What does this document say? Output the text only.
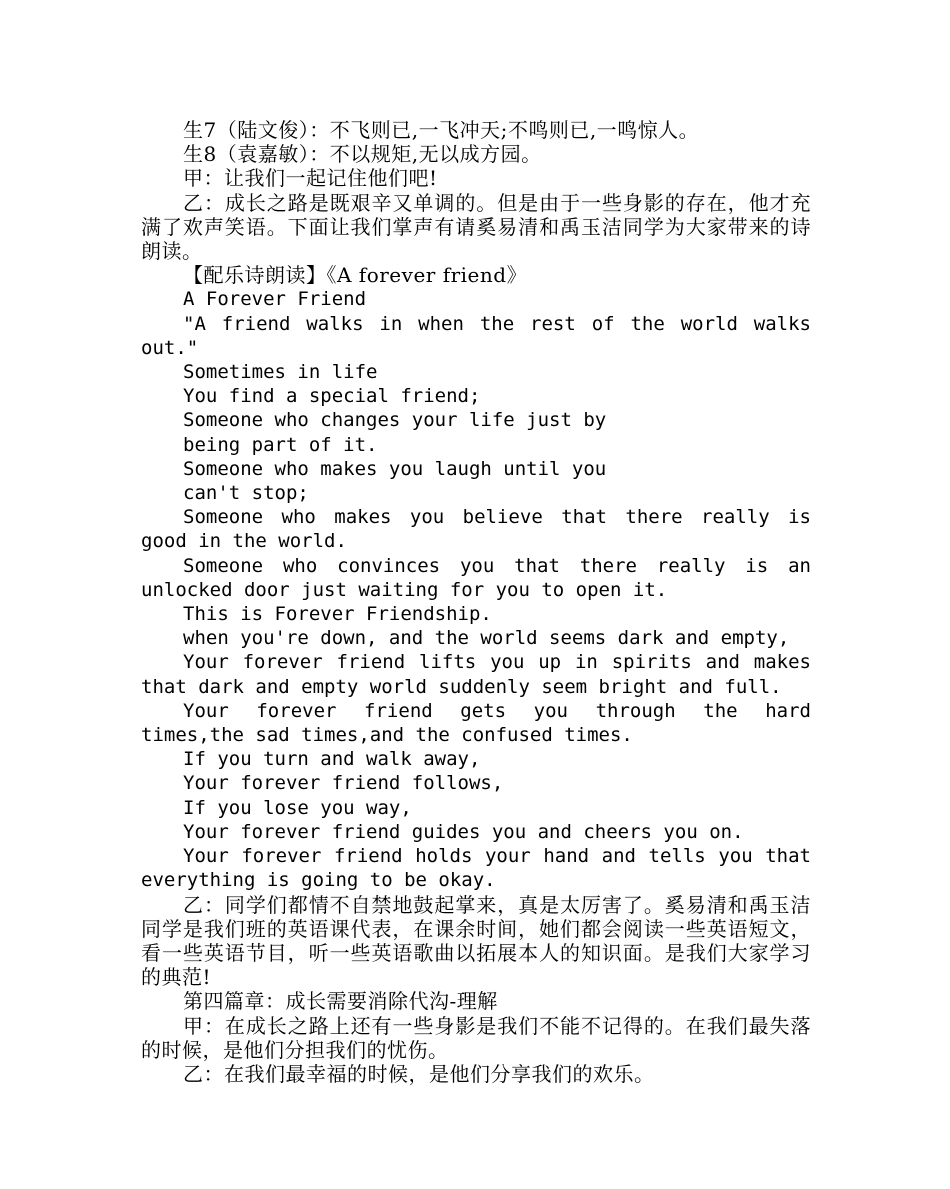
生7（陆文俊）：不飞则已,一飞冲天;不鸣则已,一鸣惊人。

生8（袁嘉敏）：不以规矩,无以成方园。

甲：让我们一起记住他们吧!

乙：成长之路是既艰辛又单调的。但是由于一些身影的存在，他才充满了欢声笑语。下面让我们掌声有请奚易清和禹玉洁同学为大家带来的诗朗读。

【配乐诗朗读】《A forever friend》

A Forever Friend

"A friend walks in when the rest of the world walks out."

Sometimes in life

You find a special friend;

Someone who changes your life just by

being part of it.

Someone who makes you laugh until you

can't stop;

Someone who makes you believe that there really is good in the world.

Someone who convinces you that there really is an unlocked door just waiting for you to open it.

This is Forever Friendship.

when you're down, and the world seems dark and empty,

Your forever friend lifts you up in spirits and makes that dark and empty world suddenly seem bright and full.

Your forever friend gets you through the hard times,the sad times,and the confused times.

If you turn and walk away,

Your forever friend follows,

If you lose you way,

Your forever friend guides you and cheers you on.

Your forever friend holds your hand and tells you that everything is going to be okay.

乙：同学们都情不自禁地鼓起掌来，真是太厉害了。奚易清和禹玉洁同学是我们班的英语课代表，在课余时间，她们都会阅读一些英语短文，看一些英语节目，听一些英语歌曲以拓展本人的知识面。是我们大家学习的典范!

第四篇章：成长需要消除代沟-理解

甲：在成长之路上还有一些身影是我们不能不记得的。在我们最失落的时候，是他们分担我们的忧伤。

乙：在我们最幸福的时候，是他们分享我们的欢乐。
